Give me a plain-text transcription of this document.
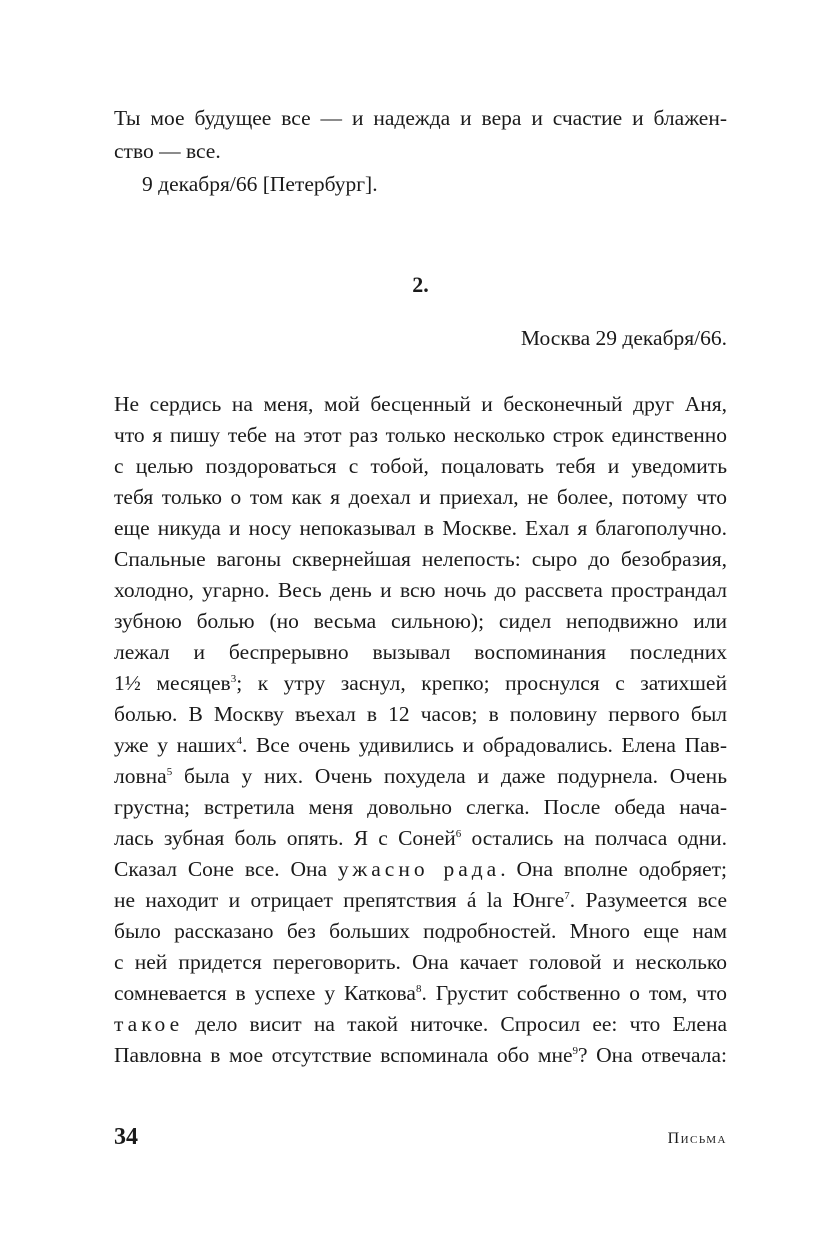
Ты мое будущее все — и надежда и вера и счастие и блажен-
ство — все.
9 декабря/66 [Петербург].
2.
Москва 29 декабря/66.
Не сердись на меня, мой бесценный и бесконечный друг Аня,
что я пишу тебе на этот раз только несколько строк единственно
с целью поздороваться с тобой, поцаловать тебя и уведомить
тебя только о том как я доехал и приехал, не более, потому что
еще никуда и носу непоказывал в Москве. Ехал я благополучно.
Спальные вагоны сквернейшая нелепость: сыро до безобразия,
холодно, угарно. Весь день и всю ночь до рассвета пространдал
зубною болью (но весьма сильною); сидел неподвижно или
лежал и беспрерывно вызывал воспоминания последних
1½ месяцев$^3$; к утру заснул, крепко; проснулся с затихшей
болью. В Москву въехал в 12 часов; в половину первого был
уже у наших$^4$. Все очень удивились и обрадовались. Елена Пав-
ловна$^5$ была у них. Очень похудела и даже подурнела. Очень
грустна; встретила меня довольно слегка. После обеда нача-
лась зубная боль опять. Я с Соней$^6$ остались на полчаса одни.
Сказал Соне все. Она ужасно рада. Она вполне одобряет;
не находит и отрицает препятствия á la Юнге$^7$. Разумеется все
было рассказано без больших подробностей. Много еще нам
с ней придется переговорить. Она качает головой и несколько
сомневается в успехе у Каткова$^8$. Грустит собственно о том, что
такое дело висит на такой ниточке. Спросил ее: что Елена
Павловна в мое отсутствие вспоминала обо мне$^9$? Она отвечала:
34	Письма
